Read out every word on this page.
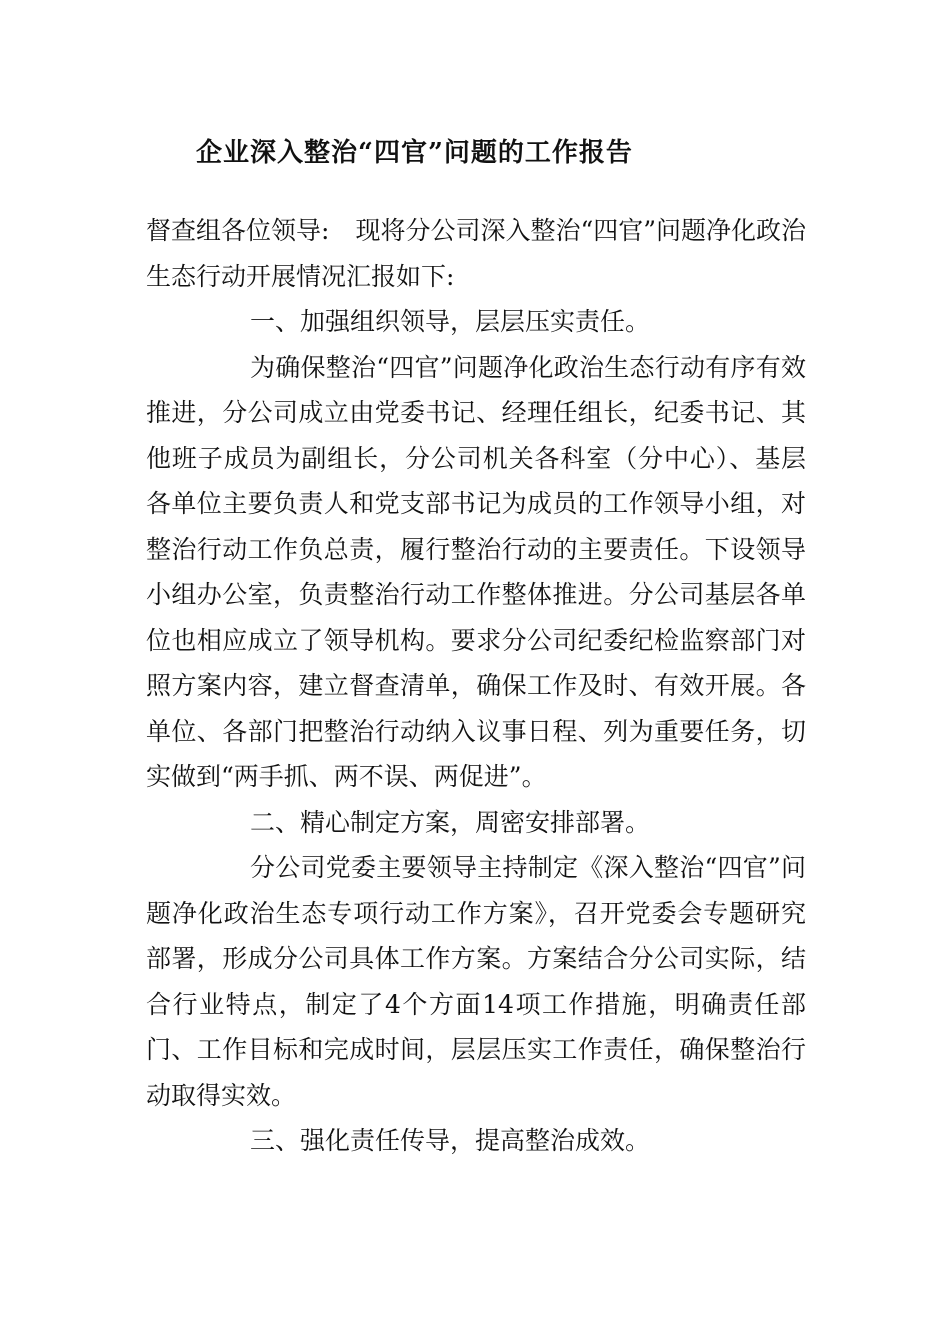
企业深入整治“四官”问题的工作报告

督查组各位领导: 现将分公司深入整治“四官”问题净化政治生态行动开展情况汇报如下:

一、加强组织领导，层层压实责任。

为确保整治“四官”问题净化政治生态行动有序有效推进，分公司成立由党委书记、经理任组长，纪委书记、其他班子成员为副组长，分公司机关各科室（分中心）、基层各单位主要负责人和党支部书记为成员的工作领导小组，对整治行动工作负总责，履行整治行动的主要责任。下设领导小组办公室，负责整治行动工作整体推进。分公司基层各单位也相应成立了领导机构。要求分公司纪委纪检监察部门对照方案内容，建立督查清单，确保工作及时、有效开展。各单位、各部门把整治行动纳入议事日程、列为重要任务，切实做到“两手抓、两不误、两促进”。

二、精心制定方案，周密安排部署。

分公司党委主要领导主持制定《深入整治“四官”问题净化政治生态专项行动工作方案》，召开党委会专题研究部署，形成分公司具体工作方案。方案结合分公司实际，结合行业特点，制定了4个方面14项工作措施，明确责任部门、工作目标和完成时间，层层压实工作责任，确保整治行动取得实效。

三、强化责任传导，提高整治成效。
